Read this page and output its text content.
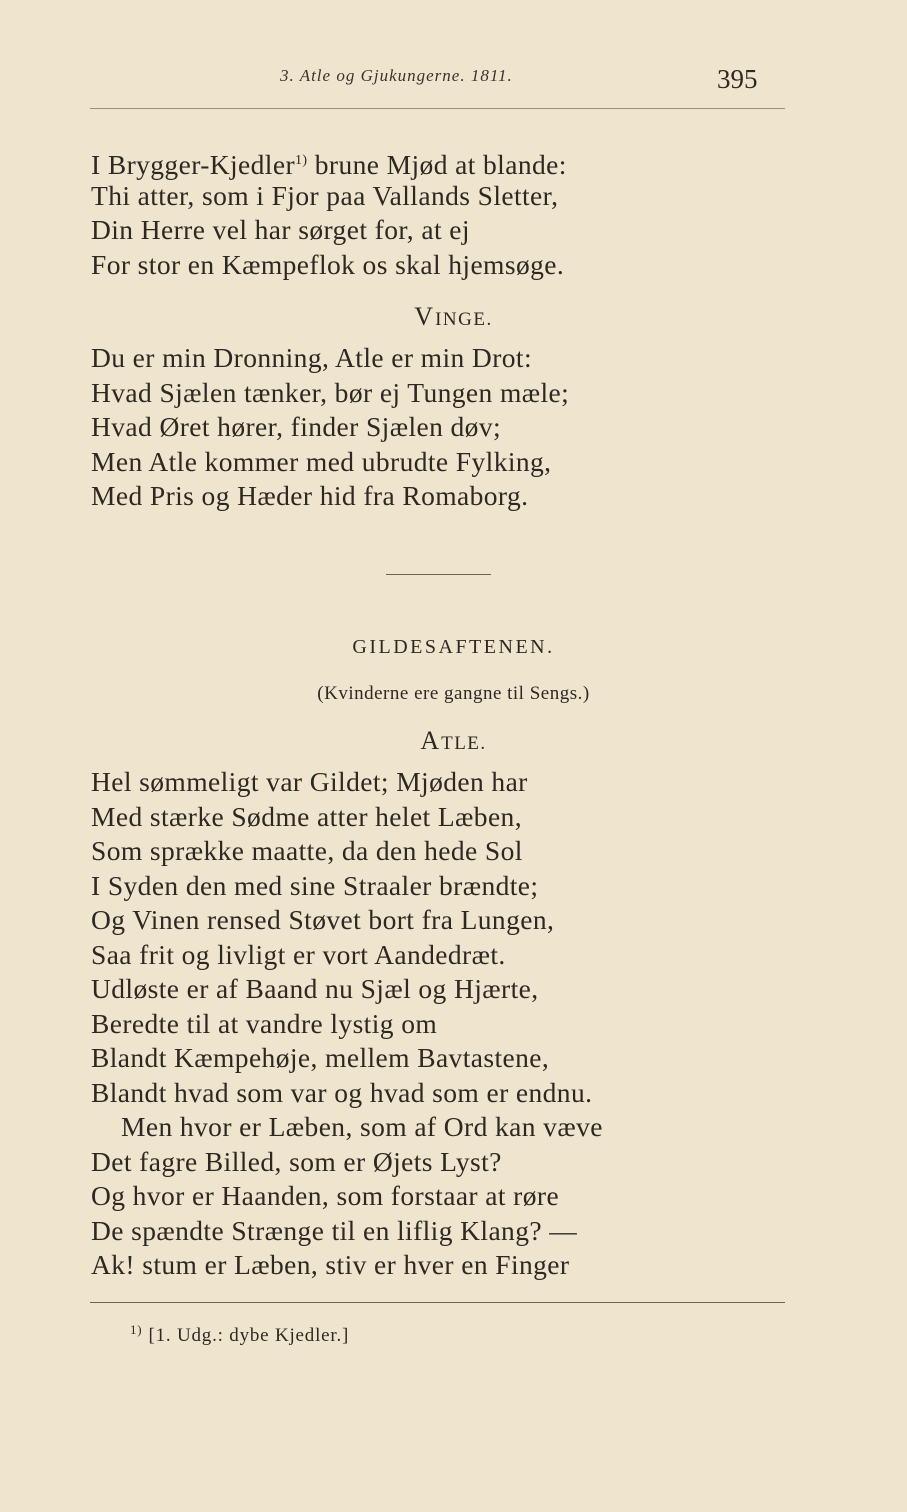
3. Atle og Gjukungerne. 1811.	395
I Brygger-Kjedler$^{1)}$ brune Mjød at blande:
Thi atter, som i Fjor paa Vallands Sletter,
Din Herre vel har sørget for, at ej
For stor en Kæmpeflok os skal hjemsøge.
VINGE.
Du er min Dronning, Atle er min Drot:
Hvad Sjælen tænker, bør ej Tungen mæle;
Hvad Øret hører, finder Sjælen døv;
Men Atle kommer med ubrudte Fylking,
Med Pris og Hæder hid fra Romaborg.
GILDESAFTENEN.
(Kvinderne ere gangne til Sengs.)
ATLE.
Hel sømmeligt var Gildet; Mjøden har
Med stærke Sødme atter helet Læben,
Som sprække maatte, da den hede Sol
I Syden den med sine Straaler brændte;
Og Vinen rensed Støvet bort fra Lungen,
Saa frit og livligt er vort Aandedræt.
Udløste er af Baand nu Sjæl og Hjærte,
Beredte til at vandre lystig om
Blandt Kæmpehøje, mellem Bavtastene,
Blandt hvad som var og hvad som er endnu.
Men hvor er Læben, som af Ord kan væve
Det fagre Billed, som er Øjets Lyst?
Og hvor er Haanden, som forstaar at røre
De spændte Strænge til en liflig Klang? —
Ak! stum er Læben, stiv er hver en Finger
$^{1)}$ [1. Udg.: dybe Kjedler.]
